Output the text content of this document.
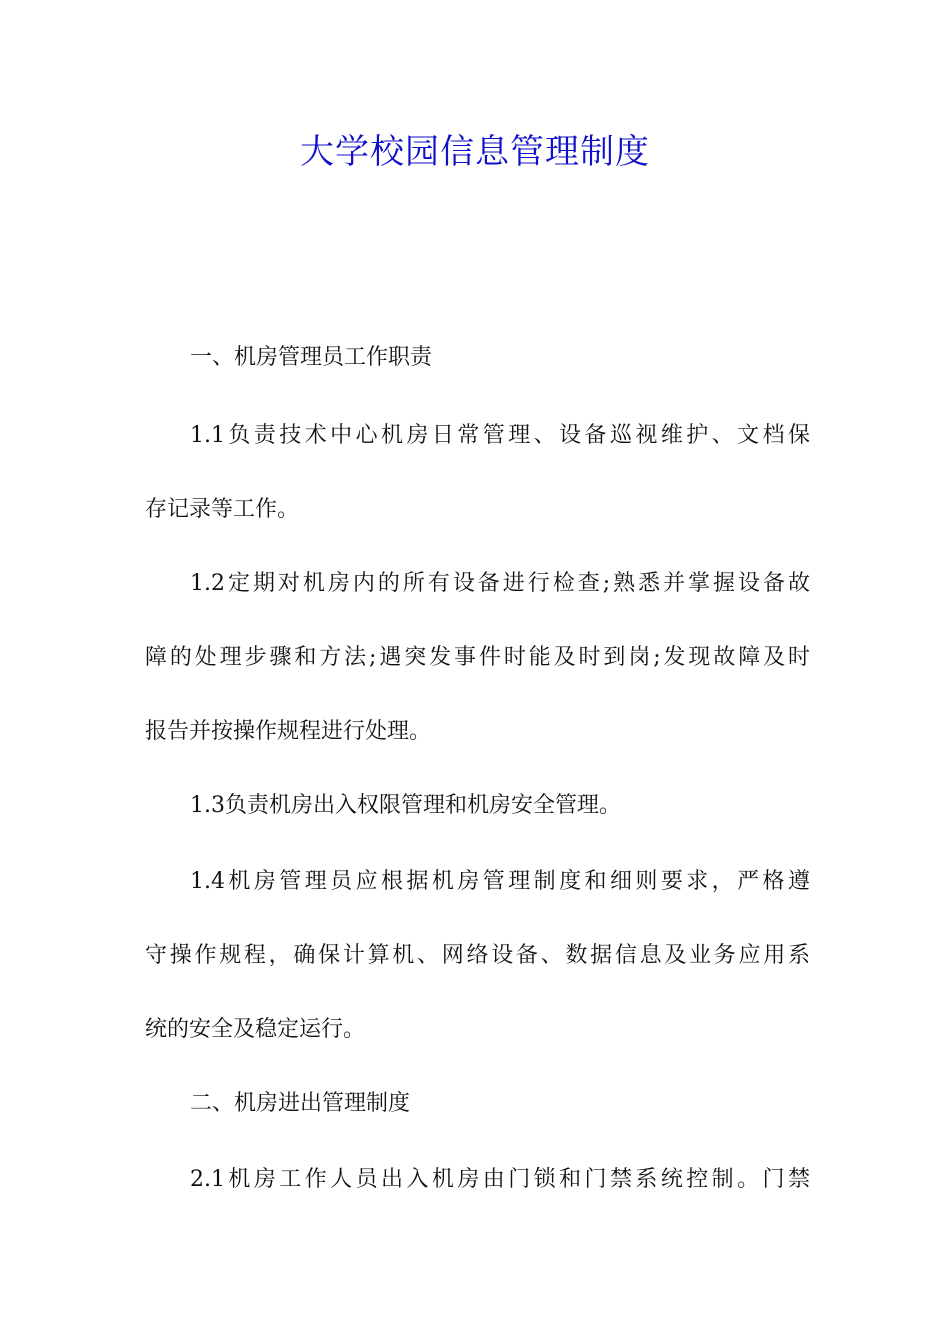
大学校园信息管理制度
一、机房管理员工作职责
1.1负责技术中心机房日常管理、设备巡视维护、文档保
存记录等工作。
1.2定期对机房内的所有设备进行检查;熟悉并掌握设备故
障的处理步骤和方法;遇突发事件时能及时到岗;发现故障及时
报告并按操作规程进行处理。
1.3负责机房出入权限管理和机房安全管理。
1.4机房管理员应根据机房管理制度和细则要求，严格遵
守操作规程，确保计算机、网络设备、数据信息及业务应用系
统的安全及稳定运行。
二、机房进出管理制度
2.1机房工作人员出入机房由门锁和门禁系统控制。门禁
